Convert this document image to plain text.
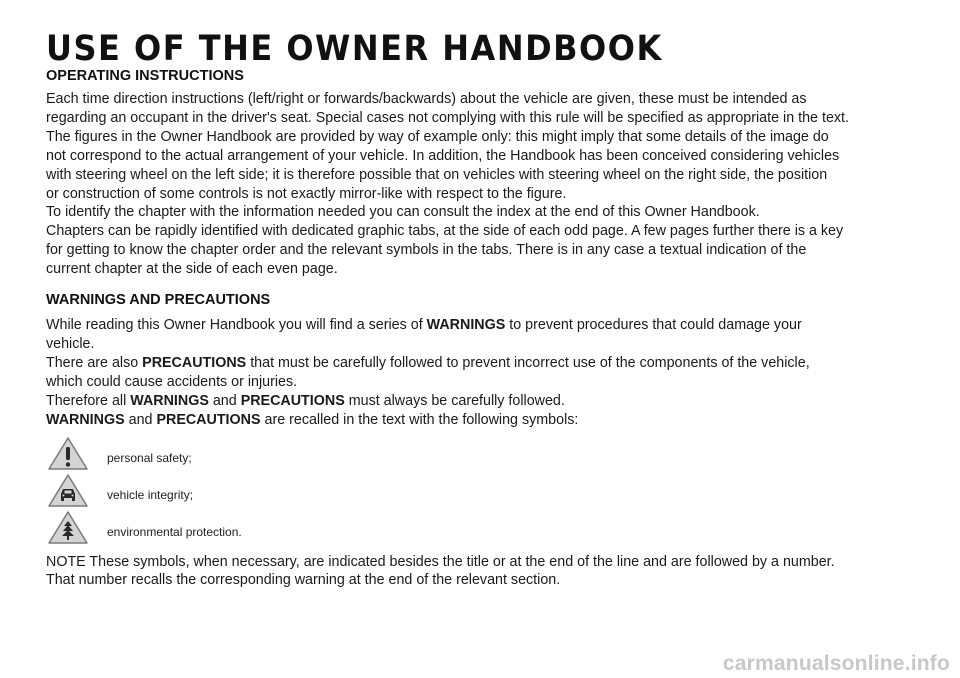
USE OF THE OWNER HANDBOOK
OPERATING INSTRUCTIONS

Each time direction instructions (left/right or forwards/backwards) about the vehicle are given, these must be intended as
regarding an occupant in the driver's seat. Special cases not complying with this rule will be specified as appropriate in the text.
The figures in the Owner Handbook are provided by way of example only: this might imply that some details of the image do
not correspond to the actual arrangement of your vehicle. In addition, the Handbook has been conceived considering vehicles
with steering wheel on the left side; it is therefore possible that on vehicles with steering wheel on the right side, the position
or construction of some controls is not exactly mirror-like with respect to the figure.
To identify the chapter with the information needed you can consult the index at the end of this Owner Handbook.
Chapters can be rapidly identified with dedicated graphic tabs, at the side of each odd page. A few pages further there is a key
for getting to know the chapter order and the relevant symbols in the tabs. There is in any case a textual indication of the
current chapter at the side of each even page.

WARNINGS AND PRECAUTIONS

While reading this Owner Handbook you will find a series of WARNINGS to prevent procedures that could damage your
vehicle.
There are also PRECAUTIONS that must be carefully followed to prevent incorrect use of the components of the vehicle,
which could cause accidents or injuries.
Therefore all WARNINGS and PRECAUTIONS must always be carefully followed.
WARNINGS and PRECAUTIONS are recalled in the text with the following symbols:

personal safety;
vehicle integrity;
environmental protection.

NOTE These symbols, when necessary, are indicated besides the title or at the end of the line and are followed by a number.
That number recalls the corresponding warning at the end of the relevant section.

carmanualsonline.info
